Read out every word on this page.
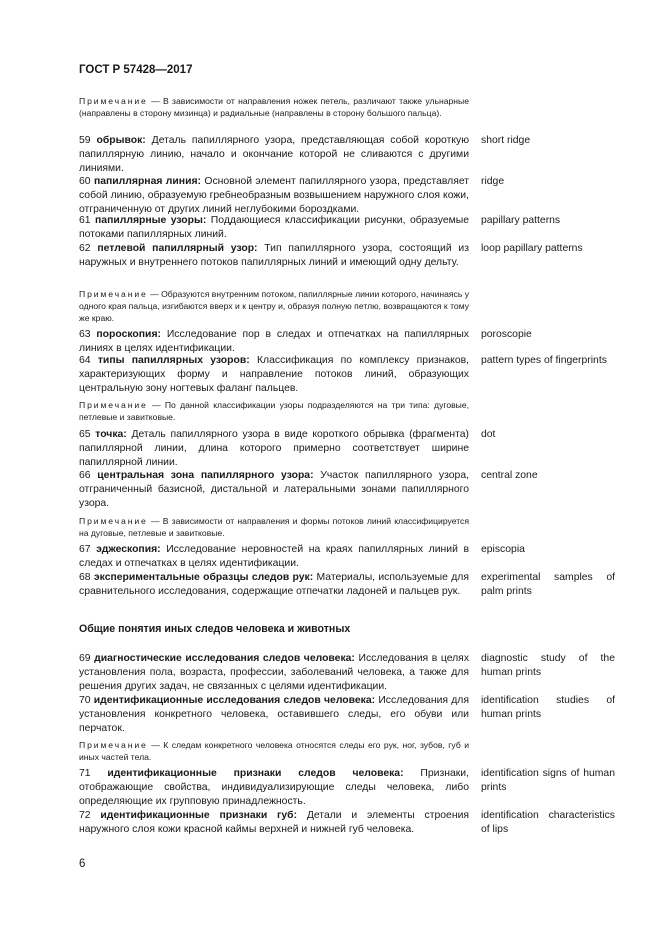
ГОСТ Р 57428—2017
Примечание — В зависимости от направления ножек петель, различают также ульнарные (направлены в сторону мизинца) и радиальные (направлены в сторону большого пальца).
59 обрывок: Деталь папиллярного узора, представляющая собой короткую папиллярную линию, начало и окончание которой не сливаются с другими линиями.
short ridge
60 папиллярная линия: Основной элемент папиллярного узора, представляет собой линию, образуемую гребнеобразным возвышением наружного слоя кожи, отграниченную от других линий неглубокими бороздками.
ridge
61 папиллярные узоры: Поддающиеся классификации рисунки, образуемые потоками папиллярных линий.
papillary patterns
62 петлевой папиллярный узор: Тип папиллярного узора, состоящий из наружных и внутреннего потоков папиллярных линий и имеющий одну дельту.
loop papillary patterns
Примечание — Образуются внутренним потоком, папиллярные линии которого, начинаясь у одного края пальца, изгибаются вверх и к центру и, образуя полную петлю, возвращаются к тому же краю.
63 пороскопия: Исследование пор в следах и отпечатках на папиллярных линиях в целях идентификации.
poroscopie
64 типы папиллярных узоров: Классификация по комплексу признаков, характеризующих форму и направление потоков линий, образующих центральную зону ногтевых фаланг пальцев.
pattern types of fingerprints
Примечание — По данной классификации узоры подразделяются на три типа: дуговые, петлевые и завитковые.
65 точка: Деталь папиллярного узора в виде короткого обрывка (фрагмента) папиллярной линии, длина которого примерно соответствует ширине папиллярной линии.
dot
66 центральная зона папиллярного узора: Участок папиллярного узора, отграниченный базисной, дистальной и латеральными зонами папиллярного узора.
central zone
Примечание — В зависимости от направления и формы потоков линий классифицируется на дуговые, петлевые и завитковые.
67 эджескопия: Исследование неровностей на краях папиллярных линий в следах и отпечатках в целях идентификации.
episcopia
68 экспериментальные образцы следов рук: Материалы, используемые для сравнительного исследования, содержащие отпечатки ладоней и пальцев рук.
experimental samples of palm prints
Общие понятия иных следов человека и животных
69 диагностические исследования следов человека: Исследования в целях установления пола, возраста, профессии, заболеваний человека, а также для решения других задач, не связанных с целями идентификации.
diagnostic study of the human prints
70 идентификационные исследования следов человека: Исследования для установления конкретного человека, оставившего следы, его обуви или перчаток.
identification studies of human prints
Примечание — К следам конкретного человека относятся следы его рук, ног, зубов, губ и иных частей тела.
71 идентификационные признаки следов человека: Признаки, отображающие свойства, индивидуализирующие следы человека, либо определяющие их групповую принадлежность.
identification signs of human prints
72 идентификационные признаки губ: Детали и элементы строения наружного слоя кожи красной каймы верхней и нижней губ человека.
identification characteristics of lips
6
